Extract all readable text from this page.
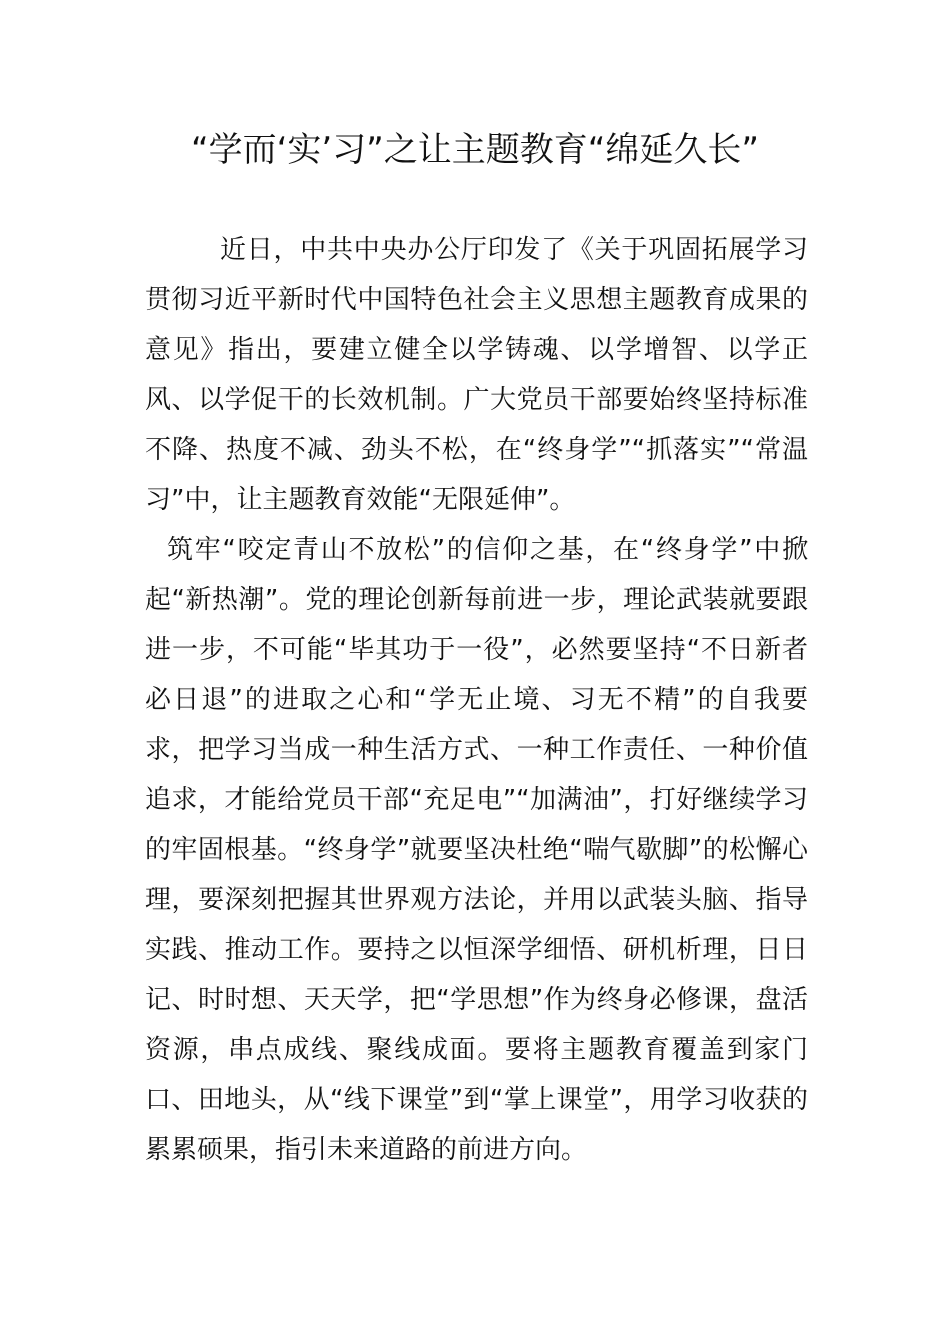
“学而‘实’习”之让主题教育“绵延久长”

近日，中共中央办公厅印发了《关于巩固拓展学习贯彻习近平新时代中国特色社会主义思想主题教育成果的意见》指出，要建立健全以学铸魂、以学增智、以学正风、以学促干的长效机制。广大党员干部要始终坚持标准不降、热度不减、劲头不松，在“终身学”“抓落实”“常温习”中，让主题教育效能“无限延伸”。

筑牢“咬定青山不放松”的信仰之基，在“终身学”中掀起“新热潮”。党的理论创新每前进一步，理论武装就要跟进一步，不可能“毕其功于一役”，必然要坚持“不日新者必日退”的进取之心和“学无止境、习无不精”的自我要求，把学习当成一种生活方式、一种工作责任、一种价值追求，才能给党员干部“充足电”“加满油”，打好继续学习的牢固根基。“终身学”就要坚决杜绝“喘气歇脚”的松懈心理，要深刻把握其世界观方法论，并用以武装头脑、指导实践、推动工作。要持之以恒深学细悟、研机析理，日日记、时时想、天天学，把“学思想”作为终身必修课，盘活资源，串点成线、聚线成面。要将主题教育覆盖到家门口、田地头，从“线下课堂”到“掌上课堂”，用学习收获的累累硕果，指引未来道路的前进方向。
